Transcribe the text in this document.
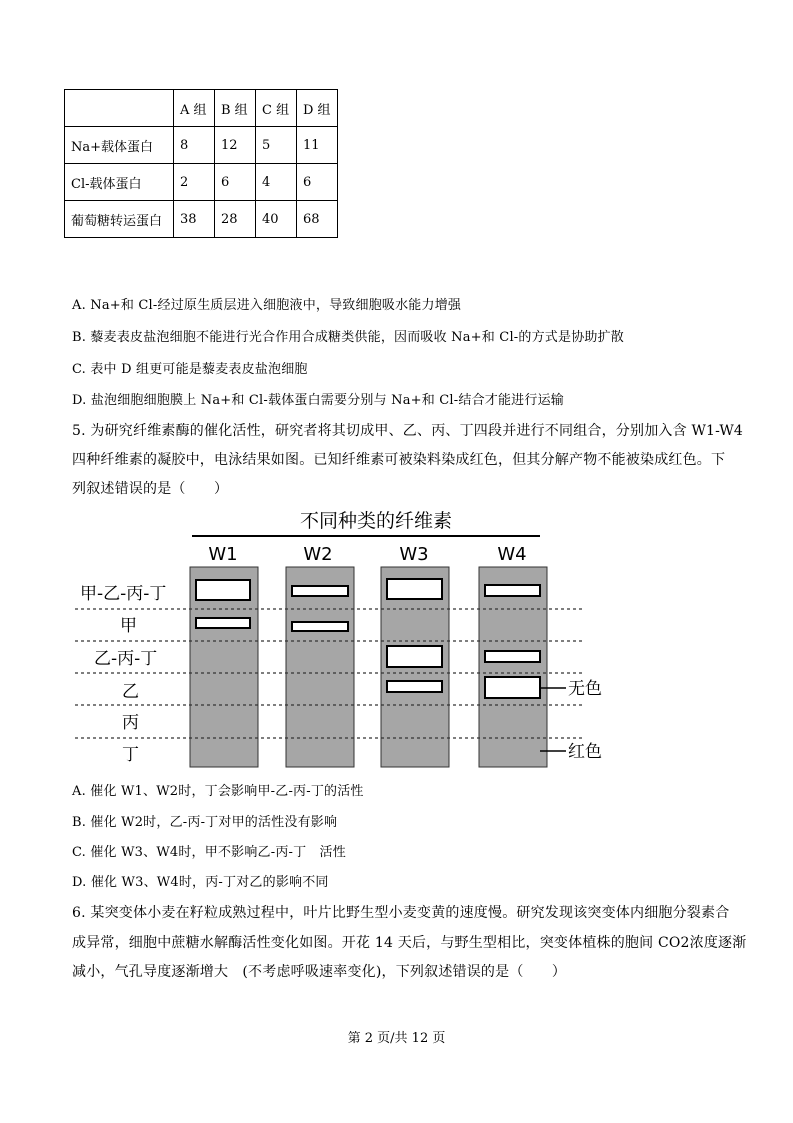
	A 组	B 组	C 组	D 组
Na+载体蛋白	8	12	5	11
Cl-载体蛋白	2	6	4	6
葡萄糖转运蛋白	38	28	40	68
A. Na+和 Cl-经过原生质层进入细胞液中，导致细胞吸水能力增强
B. 藜麦表皮盐泡细胞不能进行光合作用合成糖类供能，因而吸收 Na+和 Cl-的方式是协助扩散
C. 表中 D 组更可能是藜麦表皮盐泡细胞
D. 盐泡细胞细胞膜上 Na+和 Cl-载体蛋白需要分别与 Na+和 Cl-结合才能进行运输
5. 为研究纤维素酶的催化活性，研究者将其切成甲、乙、丙、丁四段并进行不同组合，分别加入含 W1-W4
四种纤维素的凝胶中，电泳结果如图。已知纤维素可被染料染成红色，但其分解产物不能被染成红色。下
列叙述错误的是（　　）
不同种类的纤维素
W1	W2	W3	W4
甲-乙-丙-丁
甲
乙-丙-丁
乙
丙
丁
无色
红色
A. 催化 W1、W2时，丁会影响甲-乙-丙-丁的活性
B. 催化 W2时，乙-丙-丁对甲的活性没有影响
C. 催化 W3、W4时，甲不影响乙-丙-丁　活性
D. 催化 W3、W4时，丙-丁对乙的影响不同
6. 某突变体小麦在籽粒成熟过程中，叶片比野生型小麦变黄的速度慢。研究发现该突变体内细胞分裂素合
成异常，细胞中蔗糖水解酶活性变化如图。开花 14 天后，与野生型相比，突变体植株的胞间 CO2浓度逐渐
减小，气孔导度逐渐增大　(不考虑呼吸速率变化)，下列叙述错误的是（　　）
第 2 页/共 12 页
